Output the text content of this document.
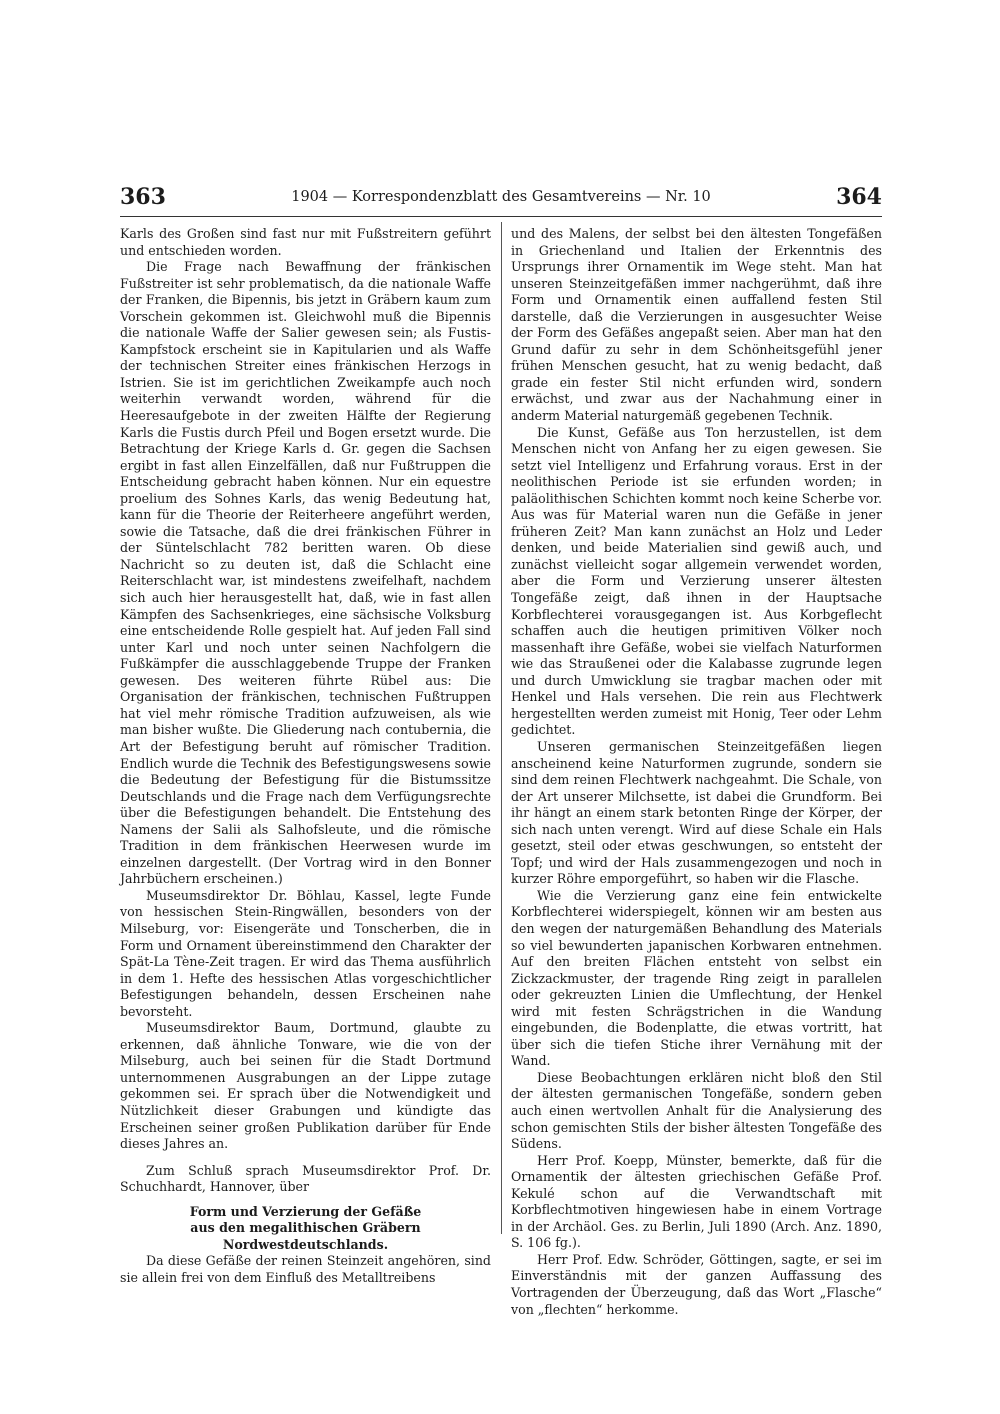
363	1904 — Korrespondenzblatt des Gesamtvereins — Nr. 10	364

Karls des Großen sind fast nur mit Fußstreitern geführt und entschieden worden.

Die Frage nach Bewaffnung der fränkischen Fußstreiter ist sehr problematisch, da die nationale Waffe der Franken, die Bipennis, bis jetzt in Gräbern kaum zum Vorschein gekommen ist. Gleichwohl muß die Bipennis die nationale Waffe der Salier gewesen sein; als Fustis-Kampfstock erscheint sie in Kapitularien und als Waffe der technischen Streiter eines fränkischen Herzogs in Istrien. Sie ist im gerichtlichen Zweikampfe auch noch weiterhin verwandt worden, während für die Heeresaufgebote in der zweiten Hälfte der Regierung Karls die Fustis durch Pfeil und Bogen ersetzt wurde. Die Betrachtung der Kriege Karls d. Gr. gegen die Sachsen ergibt in fast allen Einzelfällen, daß nur Fußtruppen die Entscheidung gebracht haben können. Nur ein equestre proelium des Sohnes Karls, das wenig Bedeutung hat, kann für die Theorie der Reiterheere angeführt werden, sowie die Tatsache, daß die drei fränkischen Führer in der Süntelschlacht 782 beritten waren. Ob diese Nachricht so zu deuten ist, daß die Schlacht eine Reiterschlacht war, ist mindestens zweifelhaft, nachdem sich auch hier herausgestellt hat, daß, wie in fast allen Kämpfen des Sachsenkrieges, eine sächsische Volksburg eine entscheidende Rolle gespielt hat. Auf jeden Fall sind unter Karl und noch unter seinen Nachfolgern die Fußkämpfer die ausschlaggebende Truppe der Franken gewesen. Des weiteren führte Rübel aus: Die Organisation der fränkischen, technischen Fußtruppen hat viel mehr römische Tradition aufzuweisen, als wie man bisher wußte. Die Gliederung nach contubernia, die Art der Befestigung beruht auf römischer Tradition. Endlich wurde die Technik des Befestigungswesens sowie die Bedeutung der Befestigung für die Bistumssitze Deutschlands und die Frage nach dem Verfügungsrechte über die Befestigungen behandelt. Die Entstehung des Namens der Salii als Salhofsleute, und die römische Tradition in dem fränkischen Heerwesen wurde im einzelnen dargestellt. (Der Vortrag wird in den Bonner Jahrbüchern erscheinen.)

Museumsdirektor Dr. Böhlau, Kassel, legte Funde von hessischen Stein-Ringwällen, besonders von der Milseburg, vor: Eisengeräte und Tonscherben, die in Form und Ornament übereinstimmend den Charakter der Spät-La Tène-Zeit tragen. Er wird das Thema ausführlich in dem 1. Hefte des hessischen Atlas vorgeschichtlicher Befestigungen behandeln, dessen Erscheinen nahe bevorsteht.

Museumsdirektor Baum, Dortmund, glaubte zu erkennen, daß ähnliche Tonware, wie die von der Milseburg, auch bei seinen für die Stadt Dortmund unternommenen Ausgrabungen an der Lippe zutage gekommen sei. Er sprach über die Notwendigkeit und Nützlichkeit dieser Grabungen und kündigte das Erscheinen seiner großen Publikation darüber für Ende dieses Jahres an.

Zum Schluß sprach Museumsdirektor Prof. Dr. Schuchhardt, Hannover, über

Form und Verzierung der Gefäße
aus den megalithischen Gräbern Nordwestdeutschlands.

Da diese Gefäße der reinen Steinzeit angehören, sind sie allein frei von dem Einfluß des Metalltreibens

und des Malens, der selbst bei den ältesten Tongefäßen in Griechenland und Italien der Erkenntnis des Ursprungs ihrer Ornamentik im Wege steht. Man hat unseren Steinzeitgefäßen immer nachgerühmt, daß ihre Form und Ornamentik einen auffallend festen Stil darstelle, daß die Verzierungen in ausgesuchter Weise der Form des Gefäßes angepaßt seien. Aber man hat den Grund dafür zu sehr in dem Schönheitsgefühl jener frühen Menschen gesucht, hat zu wenig bedacht, daß grade ein fester Stil nicht erfunden wird, sondern erwächst, und zwar aus der Nachahmung einer in anderm Material naturgemäß gegebenen Technik.

Die Kunst, Gefäße aus Ton herzustellen, ist dem Menschen nicht von Anfang her zu eigen gewesen. Sie setzt viel Intelligenz und Erfahrung voraus. Erst in der neolithischen Periode ist sie erfunden worden; in paläolithischen Schichten kommt noch keine Scherbe vor. Aus was für Material waren nun die Gefäße in jener früheren Zeit? Man kann zunächst an Holz und Leder denken, und beide Materialien sind gewiß auch, und zunächst vielleicht sogar allgemein verwendet worden, aber die Form und Verzierung unserer ältesten Tongefäße zeigt, daß ihnen in der Hauptsache Korbflechterei vorausgegangen ist. Aus Korbgeflecht schaffen auch die heutigen primitiven Völker noch massenhaft ihre Gefäße, wobei sie vielfach Naturformen wie das Straußenei oder die Kalabasse zugrunde legen und durch Umwicklung sie tragbar machen oder mit Henkel und Hals versehen. Die rein aus Flechtwerk hergestellten werden zumeist mit Honig, Teer oder Lehm gedichtet.

Unseren germanischen Steinzeitgefäßen liegen anscheinend keine Naturformen zugrunde, sondern sie sind dem reinen Flechtwerk nachgeahmt. Die Schale, von der Art unserer Milchsette, ist dabei die Grundform. Bei ihr hängt an einem stark betonten Ringe der Körper, der sich nach unten verengt. Wird auf diese Schale ein Hals gesetzt, steil oder etwas geschwungen, so entsteht der Topf; und wird der Hals zusammengezogen und noch in kurzer Röhre emporgeführt, so haben wir die Flasche.

Wie die Verzierung ganz eine fein entwickelte Korbflechterei widerspiegelt, können wir am besten aus den wegen der naturgemäßen Behandlung des Materials so viel bewunderten japanischen Korbwaren entnehmen. Auf den breiten Flächen entsteht von selbst ein Zickzackmuster, der tragende Ring zeigt in parallelen oder gekreuzten Linien die Umflechtung, der Henkel wird mit festen Schrägstrichen in die Wandung eingebunden, die Bodenplatte, die etwas vortritt, hat über sich die tiefen Stiche ihrer Vernähung mit der Wand.

Diese Beobachtungen erklären nicht bloß den Stil der ältesten germanischen Tongefäße, sondern geben auch einen wertvollen Anhalt für die Analysierung des schon gemischten Stils der bisher ältesten Tongefäße des Südens.

Herr Prof. Koepp, Münster, bemerkte, daß für die Ornamentik der ältesten griechischen Gefäße Prof. Kekulé schon auf die Verwandtschaft mit Korbflechtmotiven hingewiesen habe in einem Vortrage in der Archäol. Ges. zu Berlin, Juli 1890 (Arch. Anz. 1890, S. 106 fg.).

Herr Prof. Edw. Schröder, Göttingen, sagte, er sei im Einverständnis mit der ganzen Auffassung des Vortragenden der Überzeugung, daß das Wort „Flasche“ von „flechten“ herkomme.
